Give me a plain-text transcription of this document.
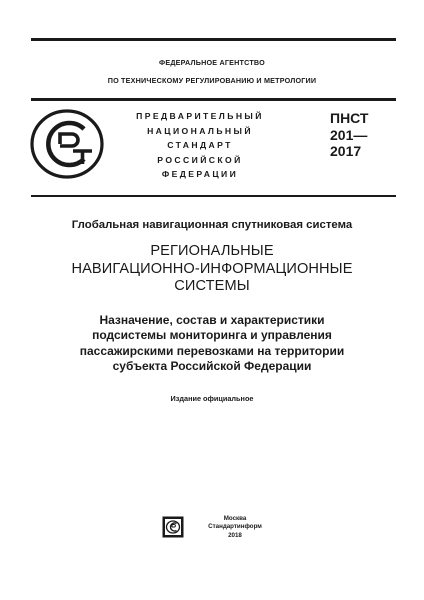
ФЕДЕРАЛЬНОЕ АГЕНТСТВО
ПО ТЕХНИЧЕСКОМУ РЕГУЛИРОВАНИЮ И МЕТРОЛОГИИ
ПРЕДВАРИТЕЛЬНЫЙ
НАЦИОНАЛЬНЫЙ
СТАНДАРТ
РОССИЙСКОЙ
ФЕДЕРАЦИИ
ПНСТ
201—
2017
Глобальная навигационная спутниковая система
РЕГИОНАЛЬНЫЕ
НАВИГАЦИОННО-ИНФОРМАЦИОННЫЕ
СИСТЕМЫ
Назначение, состав и характеристики
подсистемы мониторинга и управления
пассажирскими перевозками на территории
субъекта Российской Федерации
Издание официальное
Москва
Стандартинформ
2018
